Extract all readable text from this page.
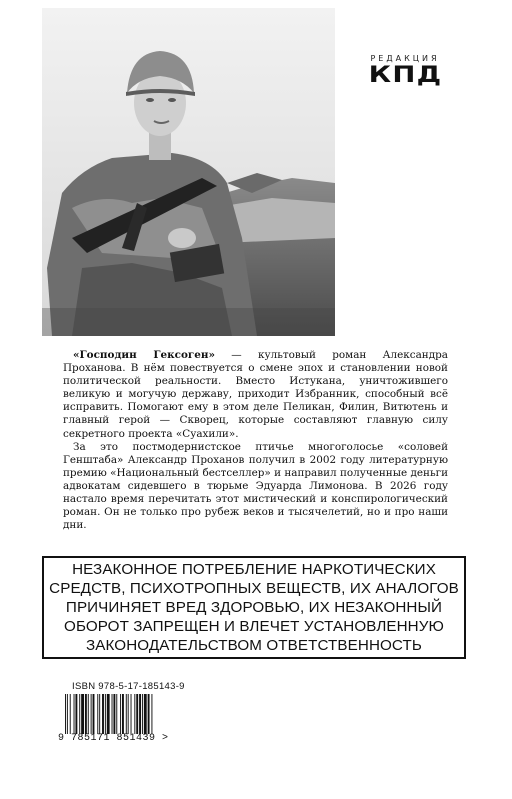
РЕДАКЦИЯ
КПД

«Господин Гексоген» — культовый роман Александра Проханова. В нём повествуется о смене эпох и становлении новой политической реальности. Вместо Истукана, уничтожившего великую и могучую державу, приходит Избранник, способный всё исправить. Помогают ему в этом деле Пеликан, Филин, Витютень и главный герой — Скворец, которые составляют главную силу секретного проекта «Суахили».

За это постмодернистское птичье многоголосье «соловей Генштаба» Александр Проханов получил в 2002 году литературную премию «Национальный бестселлер» и направил полученные деньги адвокатам сидевшего в тюрьме Эдуарда Лимонова. В 2026 году настало время перечитать этот мистический и конспирологический роман. Он не только про рубеж веков и тысячелетий, но и про наши дни.

НЕЗАКОННОЕ ПОТРЕБЛЕНИЕ НАРКОТИЧЕСКИХ СРЕДСТВ, ПСИХОТРОПНЫХ ВЕЩЕСТВ, ИХ АНАЛОГОВ ПРИЧИНЯЕТ ВРЕД ЗДОРОВЬЮ, ИХ НЕЗАКОННЫЙ ОБОРОТ ЗАПРЕЩЕН И ВЛЕЧЕТ УСТАНОВЛЕННУЮ ЗАКОНОДАТЕЛЬСТВОМ ОТВЕТСТВЕННОСТЬ
ISBN 978-5-17-185143-9
9 785171 851439 >
